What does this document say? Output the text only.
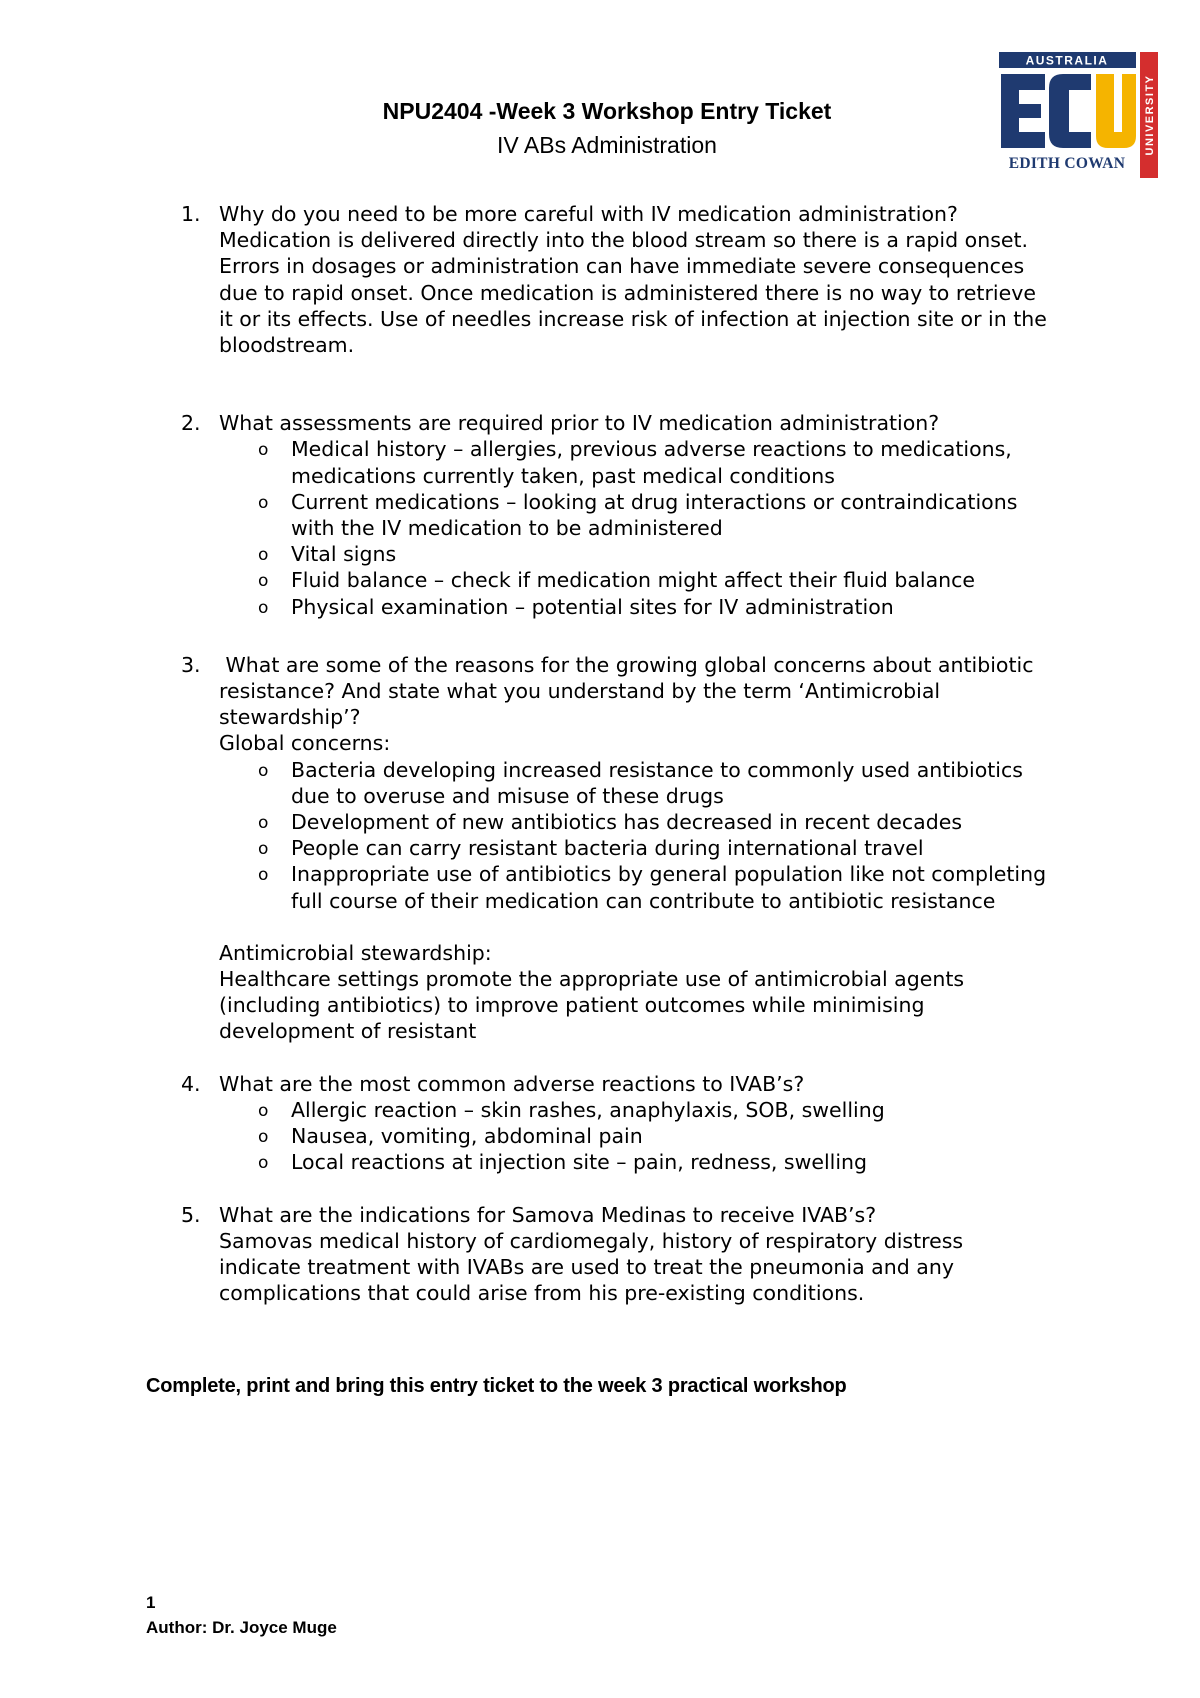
AUSTRALIA
EDITH COWAN
UNIVERSITY

NPU2404 -Week 3 Workshop Entry Ticket

IV ABs Administration

1. Why do you need to be more careful with IV medication administration?
Medication is delivered directly into the blood stream so there is a rapid onset. Errors in dosages or administration can have immediate severe consequences due to rapid onset. Once medication is administered there is no way to retrieve it or its effects. Use of needles increase risk of infection at injection site or in the bloodstream.
2. What assessments are required prior to IV medication administration?
o Medical history – allergies, previous adverse reactions to medications, medications currently taken, past medical conditions
o Current medications – looking at drug interactions or contraindications with the IV medication to be administered
o Vital signs
o Fluid balance – check if medication might affect their fluid balance
o Physical examination – potential sites for IV administration
3. What are some of the reasons for the growing global concerns about antibiotic resistance? And state what you understand by the term ‘Antimicrobial stewardship’?
Global concerns:
o Bacteria developing increased resistance to commonly used antibiotics due to overuse and misuse of these drugs
o Development of new antibiotics has decreased in recent decades
o People can carry resistant bacteria during international travel
o Inappropriate use of antibiotics by general population like not completing full course of their medication can contribute to antibiotic resistance
Antimicrobial stewardship:
Healthcare settings promote the appropriate use of antimicrobial agents (including antibiotics) to improve patient outcomes while minimising development of resistant
4. What are the most common adverse reactions to IVAB’s?
o Allergic reaction – skin rashes, anaphylaxis, SOB, swelling
o Nausea, vomiting, abdominal pain
o Local reactions at injection site – pain, redness, swelling
5. What are the indications for Samova Medinas to receive IVAB’s?
Samovas medical history of cardiomegaly, history of respiratory distress indicate treatment with IVABs are used to treat the pneumonia and any complications that could arise from his pre-existing conditions.
Complete, print and bring this entry ticket to the week 3 practical workshop
1
Author: Dr. Joyce Muge
